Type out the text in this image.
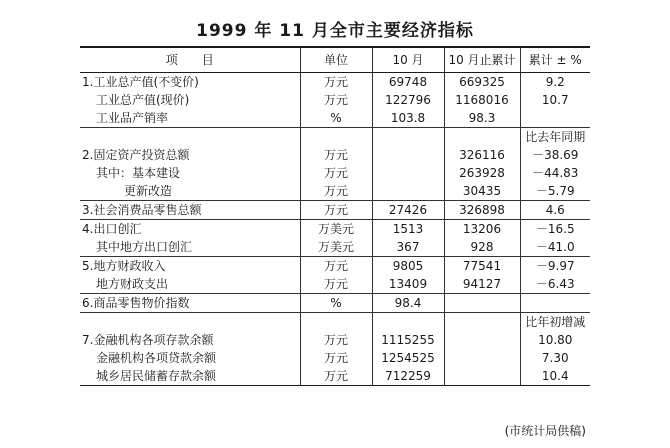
1999 年 11 月全市主要经济指标
项　　目	单位	10 月	10 月止累计	累计 ± %
1.工业总产值(不变价)	万元	69748	669325	9.2
工业总产值(现价)	万元	122796	1168016	10.7
工业品产销率	%	103.8	98.3	
				比去年同期
2.固定资产投资总额	万元		326116	－38.69
其中：基本建设	万元		263928	－44.83
更新改造	万元		30435	－5.79
3.社会消费品零售总额	万元	27426	326898	4.6
4.出口创汇	万美元	1513	13206	－16.5
其中地方出口创汇	万美元	367	928	－41.0
5.地方财政收入	万元	9805	77541	－9.97
地方财政支出	万元	13409	94127	－6.43
6.商品零售物价指数	%	98.4		
				比年初增减
7.金融机构各项存款余额	万元	1115255		10.80
金融机构各项贷款余额	万元	1254525		7.30
城乡居民储蓄存款余额	万元	712259		10.4
(市统计局供稿)
